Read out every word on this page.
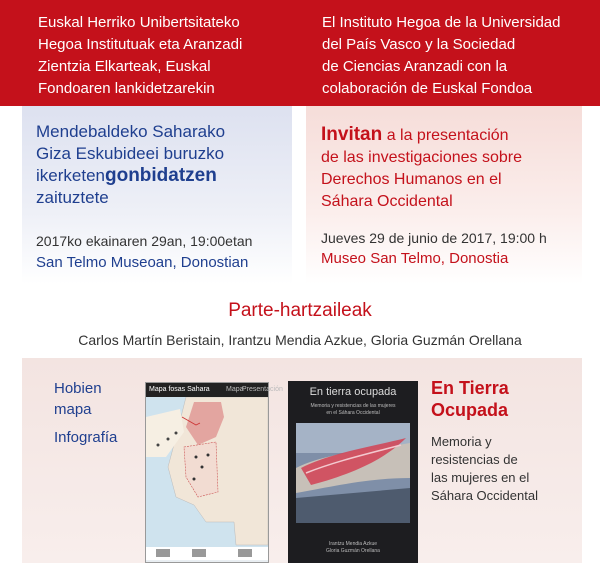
Euskal Herriko Unibertsitateko
Hegoa Institutuak eta Aranzadi
Zientzia Elkarteak, Euskal
Fondoaren lankidetzarekin
El Instituto Hegoa de la Universidad
del País Vasco y la Sociedad
de Ciencias Aranzadi con la
colaboración de Euskal Fondoa
Mendebaldeko Saharako
Giza Eskubideei buruzko
ikerketengonbidatzen
zaituztete
2017ko ekainaren 29an, 19:00etan
San Telmo Museoan, Donostian
Invitan a la presentación
de las investigaciones sobre
Derechos Humanos en el
Sáhara Occidental
Jueves 29 de junio de 2017, 19:00 h
Museo San Telmo, Donostia
Parte-hartzaileak
Carlos Martín Beristain, Irantzu Mendia Azkue, Gloria Guzmán Orellana
Hobien
mapa
Infografía
Mapa fosas Sahara Mapa
Presentación	En tierra ocupada
Memoria y resistencias de las mujeres
en el Sáhara Occidental
Irantzu Mendia Azkue
Gloria Guzmán Orellana
En Tierra
Ocupada
Memoria y
resistencias de
las mujeres en el
Sáhara Occidental
